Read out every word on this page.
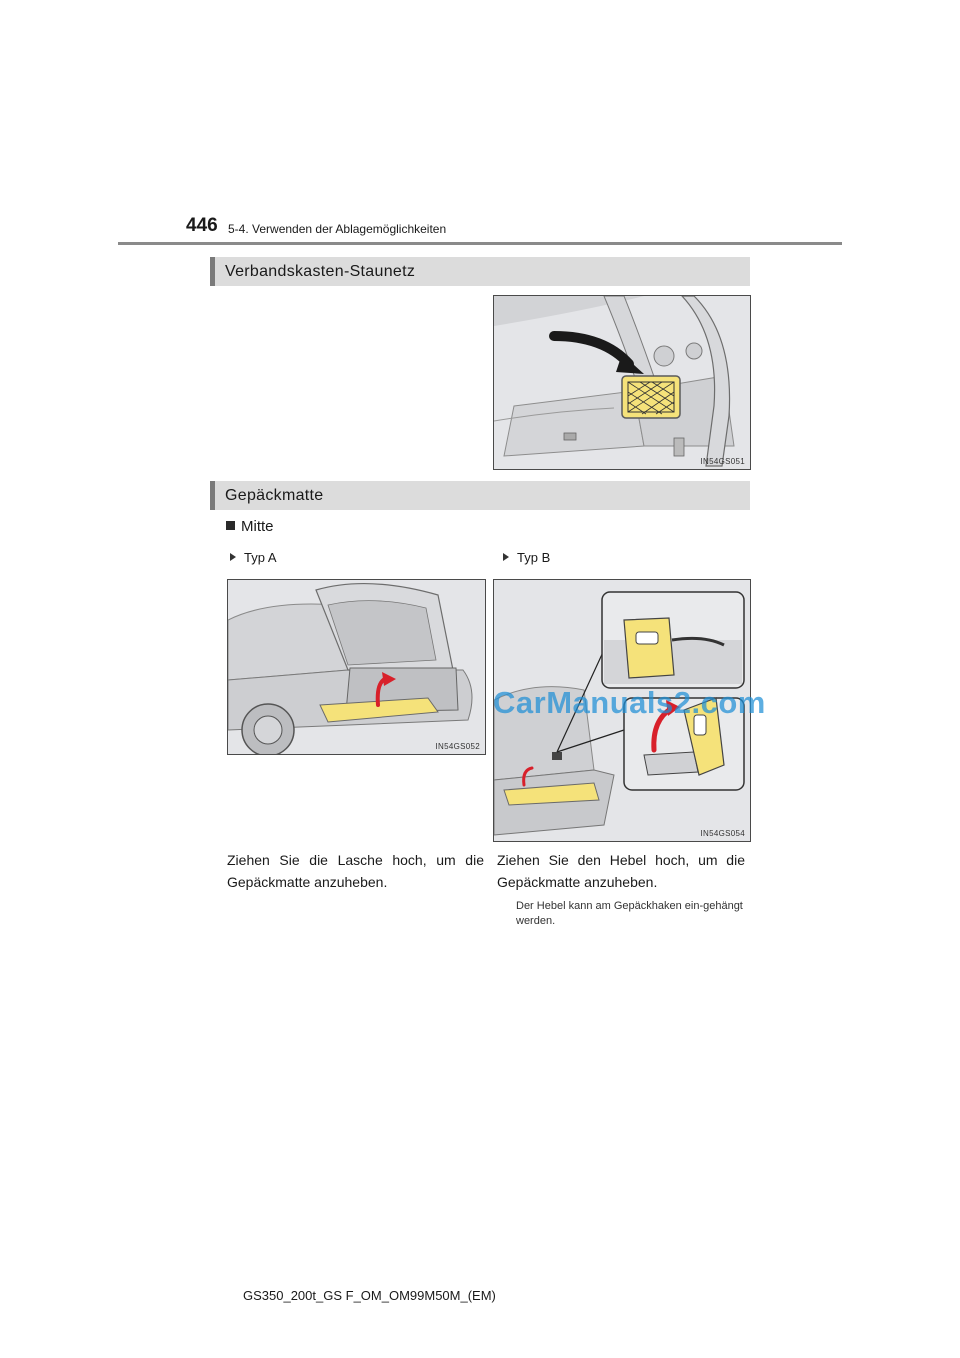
446 5-4. Verwenden der Ablagemöglichkeiten
Verbandskasten-Staunetz
IN54GS051
Gepäckmatte
Mitte
Typ A	Typ B
IN54GS052
IN54GS054
CarManuals2.com
Ziehen Sie die Lasche hoch, um die Gepäckmatte anzuheben.
Ziehen Sie den Hebel hoch, um die Gepäckmatte anzuheben.
Der Hebel kann am Gepäckhaken ein-gehängt werden.
GS350_200t_GS F_OM_OM99M50M_(EM)
